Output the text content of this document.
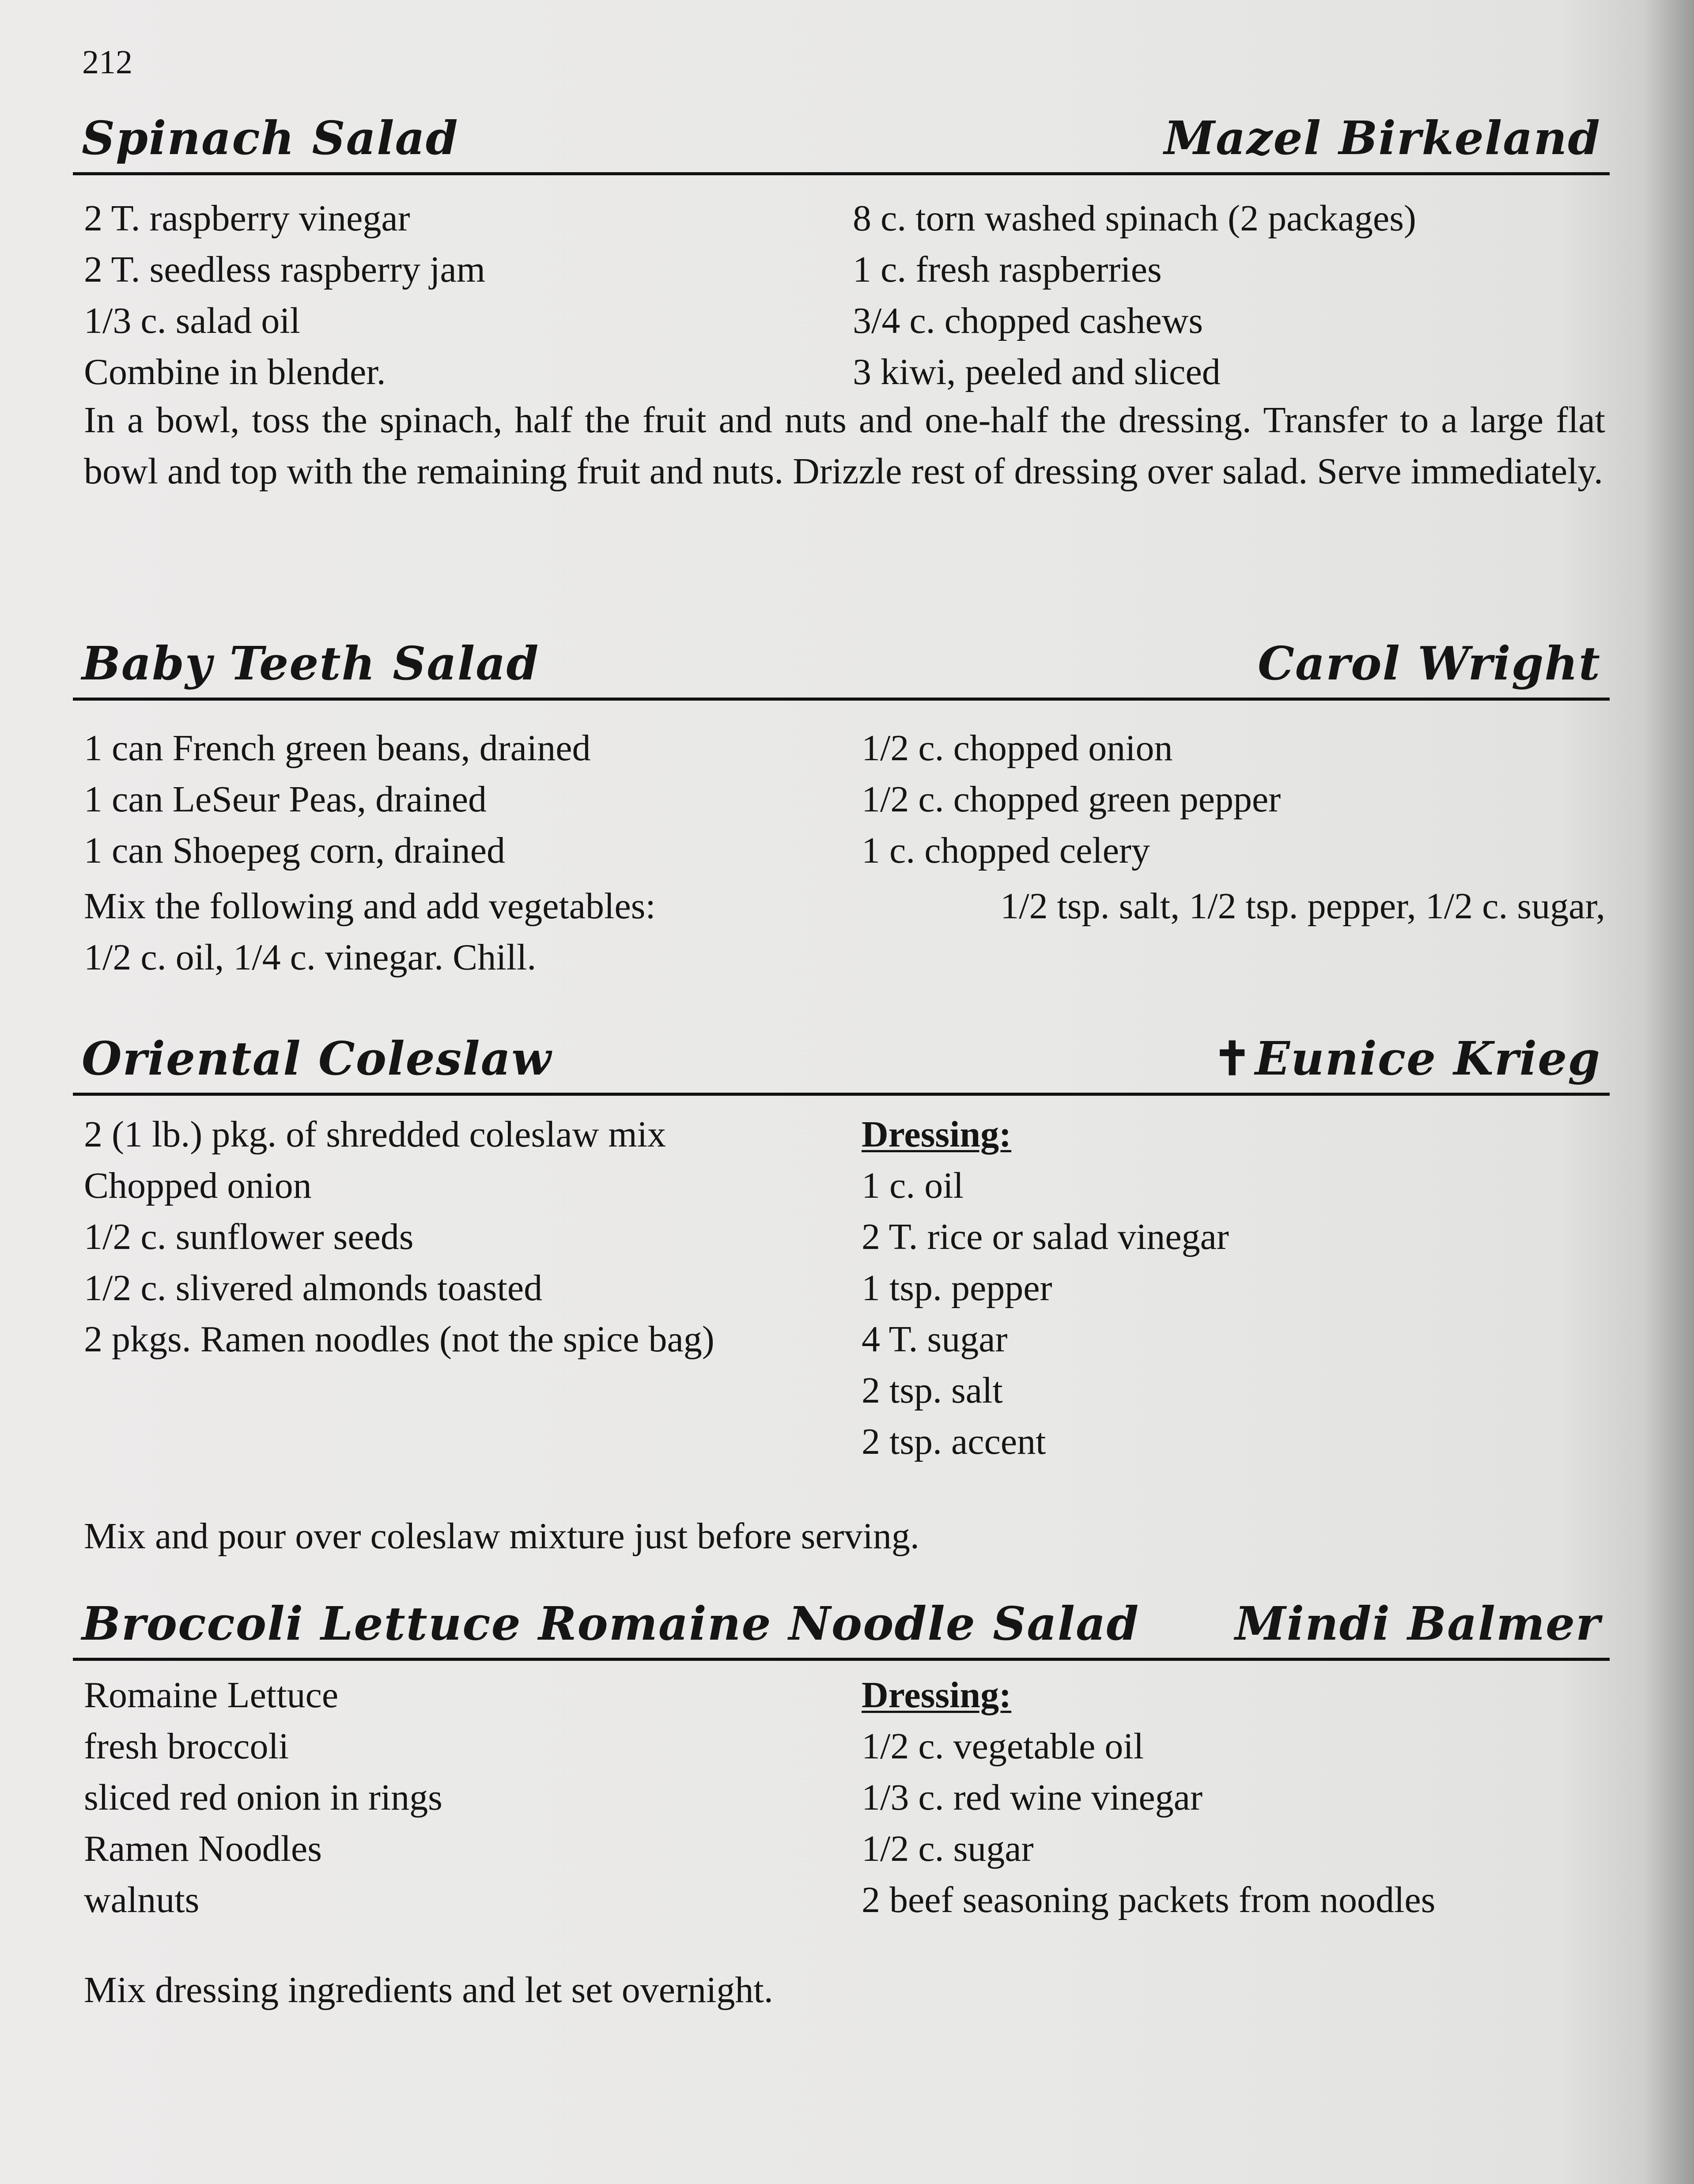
212
Spinach Salad	Mazel Birkeland
2 T. raspberry vinegar
2 T. seedless raspberry jam
1/3 c. salad oil
Combine in blender.
8 c. torn washed spinach (2 packages)
1 c. fresh raspberries
3/4 c. chopped cashews
3 kiwi, peeled and sliced

In a bowl, toss the spinach, half the fruit and nuts and one-half the dressing. Transfer to a large flat bowl and top with the remaining fruit and nuts. Drizzle rest of dressing over salad. Serve immediately.

Baby Teeth Salad	Carol Wright
1 can French green beans, drained
1 can LeSeur Peas, drained
1 can Shoepeg corn, drained
1/2 c. chopped onion
1/2 c. chopped green pepper
1 c. chopped celery
Mix the following and add vegetables:	1/2 tsp. salt, 1/2 tsp. pepper, 1/2 c. sugar,
1/2 c. oil, 1/4 c. vinegar. Chill.
Oriental Coleslaw	✝Eunice Krieg
2 (1 lb.) pkg. of shredded coleslaw mix
Chopped onion
1/2 c. sunflower seeds
1/2 c. slivered almonds toasted
2 pkgs. Ramen noodles (not the spice bag)
Dressing:
1 c. oil
2 T. rice or salad vinegar
1 tsp. pepper
4 T. sugar
2 tsp. salt
2 tsp. accent

Mix and pour over coleslaw mixture just before serving.

Broccoli Lettuce Romaine Noodle Salad Mindi Balmer
Romaine Lettuce
fresh broccoli
sliced red onion in rings
Ramen Noodles
walnuts
Dressing:
1/2 c. vegetable oil
1/3 c. red wine vinegar
1/2 c. sugar
2 beef seasoning packets from noodles

Mix dressing ingredients and let set overnight.
